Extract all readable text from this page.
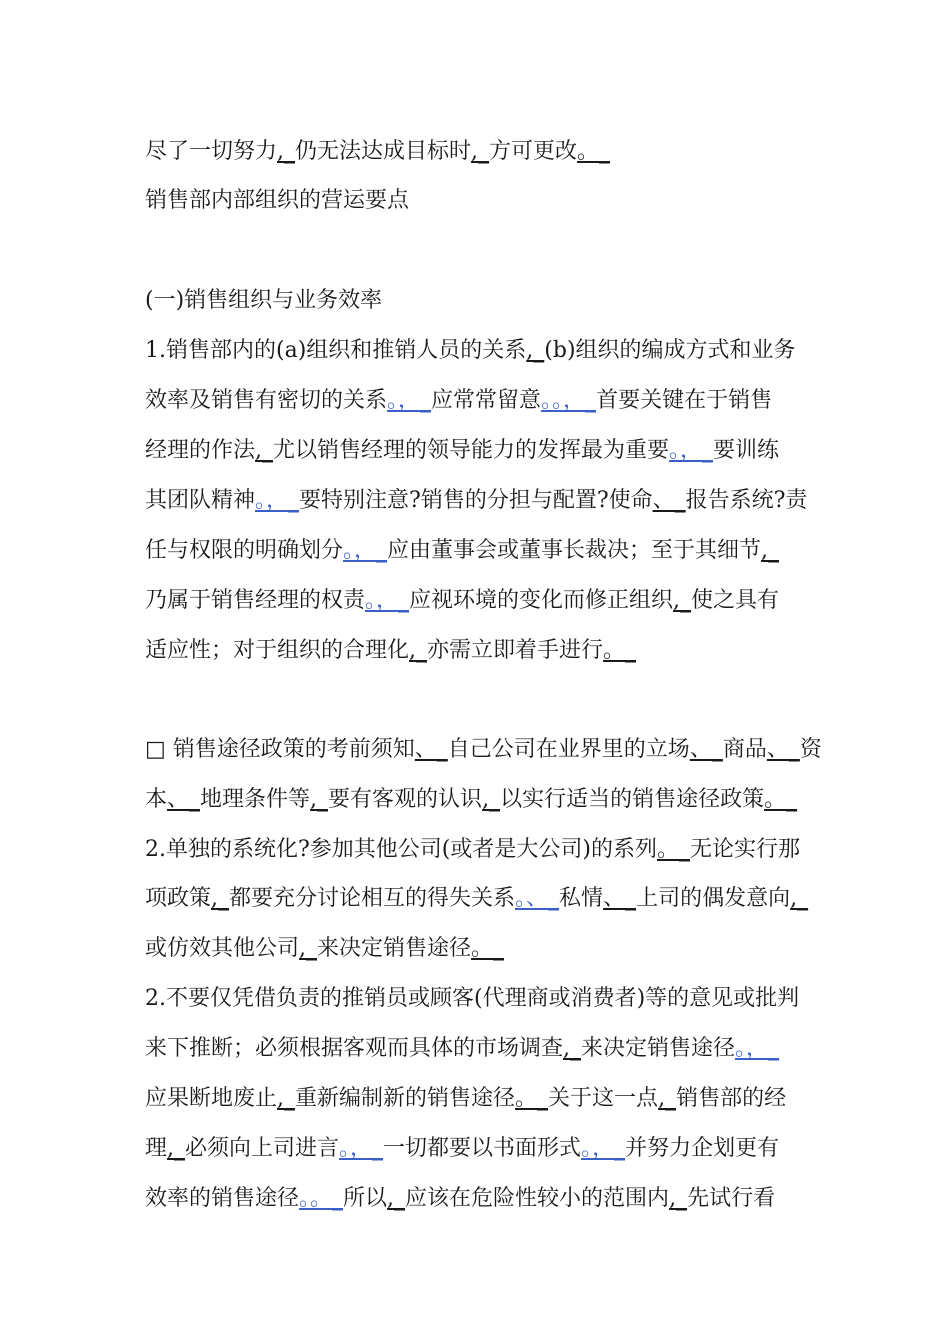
尽了一切努力,_仍无法达成目标时,_方可更改。_
销售部内部组织的营运要点
(一)销售组织与业务效率
1.销售部内的(a)组织和推销人员的关系,_(b)组织的编成方式和业务
效率及销售有密切的关系。，_应常常留意。。，_首要关键在于销售
经理的作法,_尤以销售经理的领导能力的发挥最为重要。，_要训练
其团队精神。，_要特别注意?销售的分担与配置?使命、_报告系统?责
任与权限的明确划分。，_应由董事会或董事长裁决；至于其细节,_
乃属于销售经理的权责。，_应视环境的变化而修正组织,_使之具有
适应性；对于组织的合理化,_亦需立即着手进行。_
□ 销售途径政策的考前须知、_自己公司在业界里的立场、_商品、_资
本、_地理条件等,_要有客观的认识,_以实行适当的销售途径政策。_
2.单独的系统化?参加其他公司(或者是大公司)的系列。_无论实行那
项政策,_都要充分讨论相互的得失关系。、_私情、_上司的偶发意向,_
或仿效其他公司,_来决定销售途径。_
2.不要仅凭借负责的推销员或顾客(代理商或消费者)等的意见或批判
来下推断；必须根据客观而具体的市场调查,_来决定销售途径。，_
应果断地废止,_重新编制新的销售途径。_关于这一点,_销售部的经
理,_必须向上司进言。，_一切都要以书面形式。，_并努力企划更有
效率的销售途径。。_所以,_应该在危险性较小的范围内,_先试行看
